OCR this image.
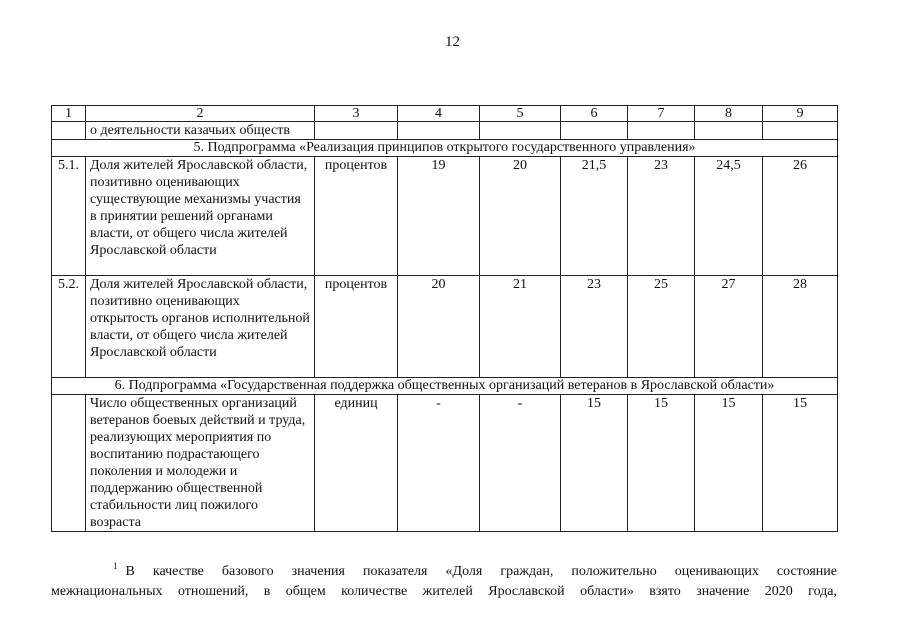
12
1	2	3	4	5	6	7	8	9
	о деятельности казачьих обществ							
5. Подпрограмма «Реализация принципов открытого государственного управления»								
5.1.	Доля жителей Ярославской области, позитивно оценивающих существующие механизмы участия в принятии решений органами власти, от общего числа жителей Ярославской области	процентов	19	20	21,5	23	24,5	26
5.2.	Доля жителей Ярославской области, позитивно оценивающих открытость органов исполнительной власти, от общего числа жителей Ярославской области	процентов	20	21	23	25	27	28
6. Подпрограмма «Государственная поддержка общественных организаций ветеранов в Ярославской области»								
	Число общественных организаций ветеранов боевых действий и труда, реализующих мероприятия по воспитанию подрастающего поколения и молодежи и поддержанию общественной стабильности лиц пожилого возраста	единиц	-	-	15	15	15	15
$^1$ В качестве базового значения показателя «Доля граждан, положительно оценивающих состояние
межнациональных отношений, в общем количестве жителей Ярославской области» взято значение 2020 года,
